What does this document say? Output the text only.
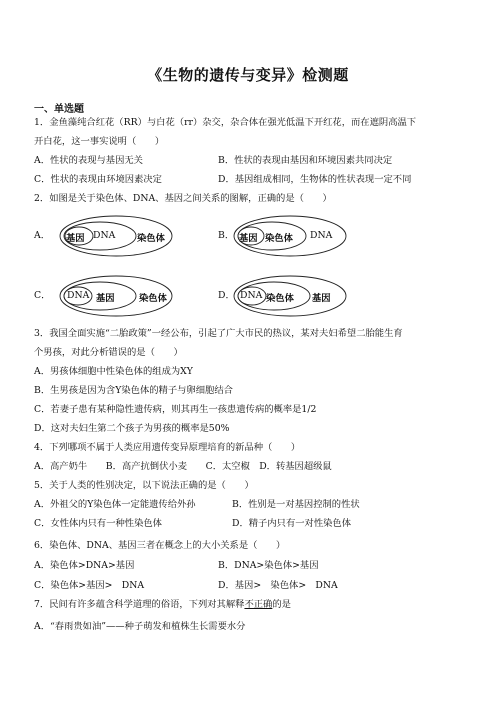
《生物的遗传与变异》检测题
一、单选题
1．金鱼藻纯合红花（RR）与白花（rr）杂交，杂合体在强光低温下开红花，而在遮阴高温下
开白花，这一事实说明（　　）
A．性状的表现与基因无关	B．性状的表现由基因和环境因素共同决定
C．性状的表现由环境因素决定	D．基因组成相同，生物体的性状表现一定不同
2．如图是关于染色体、DNA、基因之间关系的图解，正确的是（　　）
A． 基因 DNA 染色体	B． 基因 染色体 DNA
C． DNA 基因	染色体	D． DNA 染色体 基因
3．我国全面实施“二胎政策”一经公布，引起了广大市民的热议，某对夫妇希望二胎能生育
个男孩，对此分析错误的是（　　）
A．男孩体细胞中性染色体的组成为XY
B．生男孩是因为含Y染色体的精子与卵细胞结合
C．若妻子患有某种隐性遗传病，则其再生一孩患遗传病的概率是1/2
D．这对夫妇生第二个孩子为男孩的概率是50%
4．下列哪项不属于人类应用遗传变异原理培育的新品种（　　）
A．高产奶牛　　B．高产抗倒伏小麦　　C．太空椒　D．转基因超级鼠
5．关于人类的性别决定，以下说法正确的是（　　）
A．外祖父的Y染色体一定能遗传给外孙	B．性别是一对基因控制的性状
C．女性体内只有一种性染色体	D．精子内只有一对性染色体
6．染色体、DNA、基因三者在概念上的大小关系是（　　）
A．染色体>DNA>基因	B．DNA>染色体>基因
C．染色体>基因>　DNA	D．基因>　染色体>　DNA
7．民间有许多蕴含科学道理的俗语，下列对其解释不正确的是
A．“春雨贵如油”——种子萌发和植株生长需要水分
